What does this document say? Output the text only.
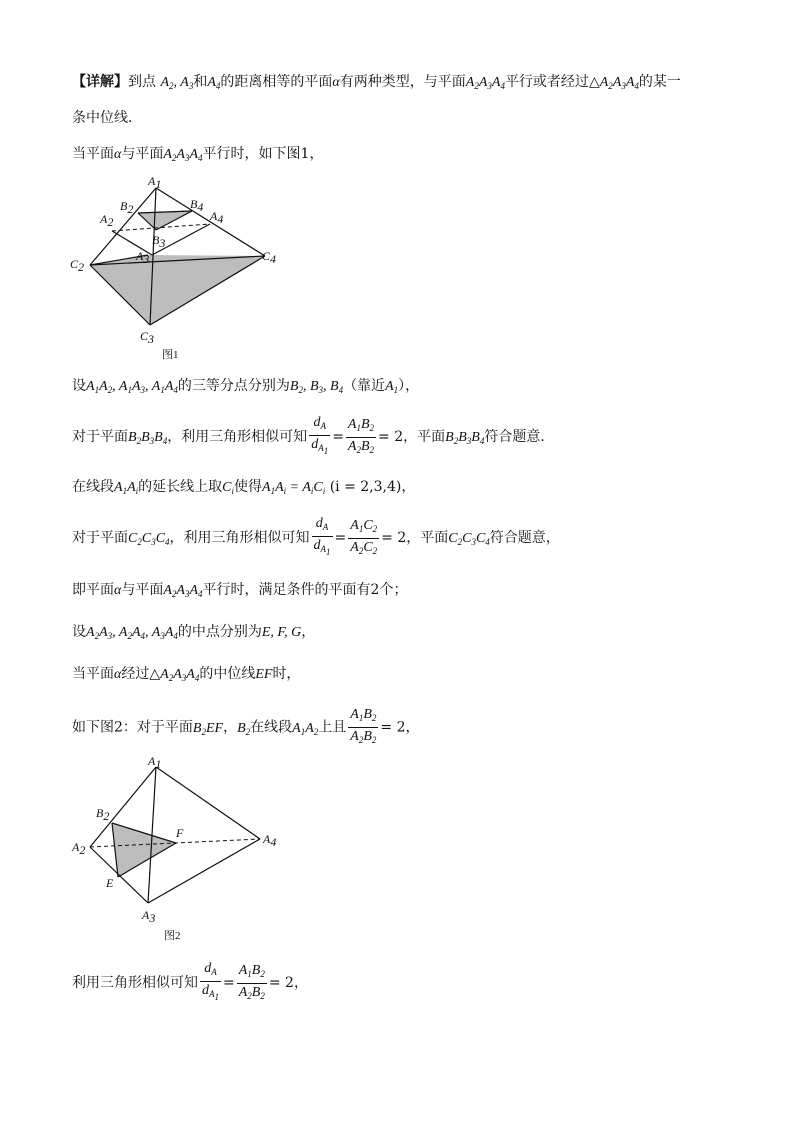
【详解】到点 $A_2$, $A_3$和$A_4$的距离相等的平面α有两种类型，与平面$A_2A_3A_4$平行或者经过$\triangle A_2A_3A_4$的某一
条中位线．
当平面α与平面$A_2A_3A_4$平行时，如下图1，
A1
B2	B4
A2	A4
B3
A3
C2
C4
C3
图1
设$A_1A_2$, $A_1A_3$, $A_1A_4$的三等分点分别为$B_2$, $B_3$, $B_4$（靠近$A_1$），
对于平面$B_2B_3B_4$，利用三角形相似可知 $\frac{d_A}{d_{A_1}} = \frac{A_1B_2}{A_2B_2} = 2$，平面$B_2B_3B_4$符合题意．
在线段$A_1A_i$的延长线上取$C_i$使得$A_1A_i = A_iC_i$ (i = 2,3,4)，
对于平面$C_2C_3C_4$，利用三角形相似可知 $\frac{d_A}{d_{A_1}} = \frac{A_1C_2}{A_2C_2} = 2$，平面$C_2C_3C_4$符合题意，
即平面α与平面$A_2A_3A_4$平行时，满足条件的平面有2个；
设$A_2A_3$, $A_2A_4$, $A_3A_4$的中点分别为E, F, G，
当平面α经过$\triangle A_2A_3A_4$的中位线EF时，
如下图2：对于平面$B_2EF$，$B_2$在线段$A_1A_2$上且 $\frac{A_1B_2}{A_2B_2} = 2$，
A1
B2
F
A2
A4
E
A3
图2
利用三角形相似可知 $\frac{d_A}{d_{A_1}} = \frac{A_1B_2}{A_2B_2} = 2$，
